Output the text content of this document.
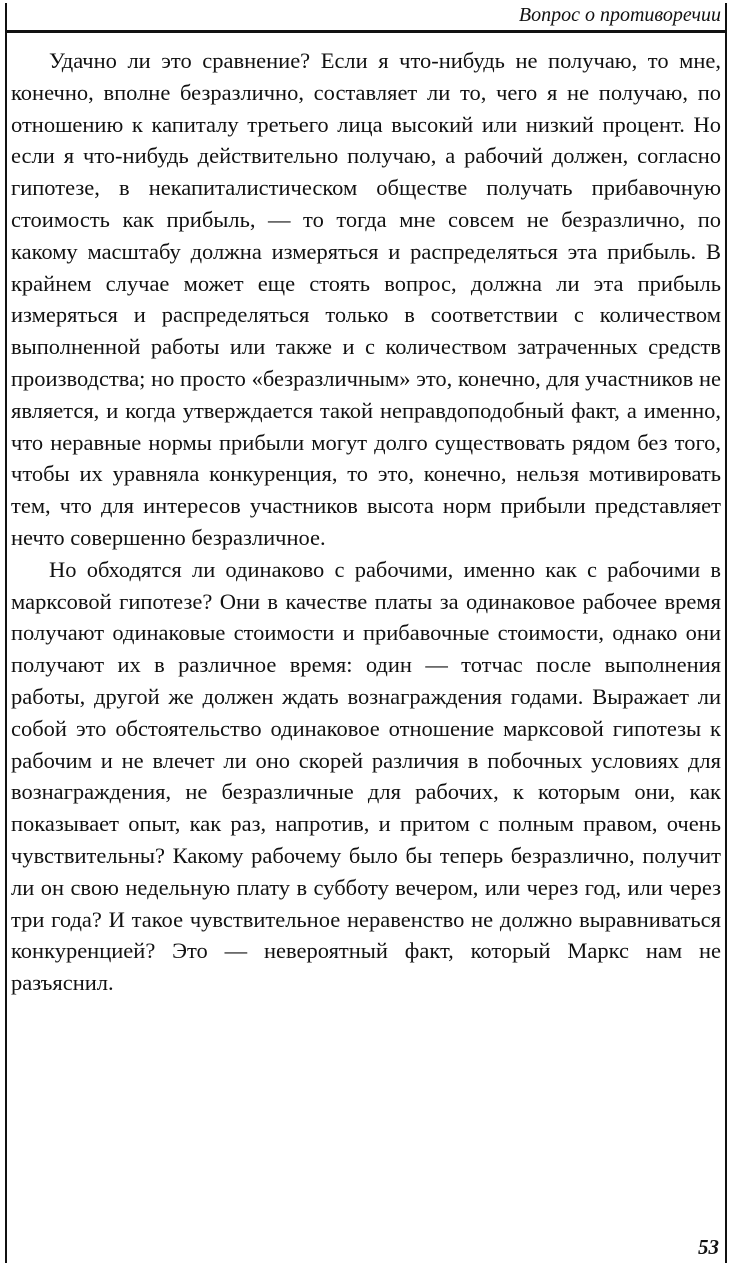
Вопрос о противоречии

Удачно ли это сравнение? Если я что-нибудь не получаю, то мне, конечно, вполне безразлично, составляет ли то, чего я не получаю, по отношению к капиталу третьего лица высокий или низкий процент. Но если я что-нибудь действительно получаю, а рабочий должен, согласно гипотезе, в некапиталистическом обществе получать прибавочную стоимость как прибыль, — то тогда мне совсем не безразлично, по какому масштабу должна измеряться и распределяться эта прибыль. В крайнем случае может еще стоять вопрос, должна ли эта прибыль измеряться и распределяться только в соответствии с количеством выполненной работы или также и с количеством затраченных средств производства; но просто «безразличным» это, конечно, для участников не является, и когда утверждается такой неправдоподобный факт, а именно, что неравные нормы прибыли могут долго существовать рядом без того, чтобы их уравняла конкуренция, то это, конечно, нельзя мотивировать тем, что для интересов участников высота норм прибыли представляет нечто совершенно безразличное.

Но обходятся ли одинаково с рабочими, именно как с рабочими в марксовой гипотезе? Они в качестве платы за одинаковое рабочее время получают одинаковые стоимости и прибавочные стоимости, однако они получают их в различное время: один — тотчас после выполнения работы, другой же должен ждать вознаграждения годами. Выражает ли собой это обстоятельство одинаковое отношение марксовой гипотезы к рабочим и не влечет ли оно скорей различия в побочных условиях для вознаграждения, не безразличные для рабочих, к которым они, как показывает опыт, как раз, напротив, и притом с полным правом, очень чувствительны? Какому рабочему было бы теперь безразлично, получит ли он свою недельную плату в субботу вечером, или через год, или через три года? И такое чувствительное неравенство не должно выравниваться конкуренцией? Это — невероятный факт, который Маркс нам не разъяснил.

53
